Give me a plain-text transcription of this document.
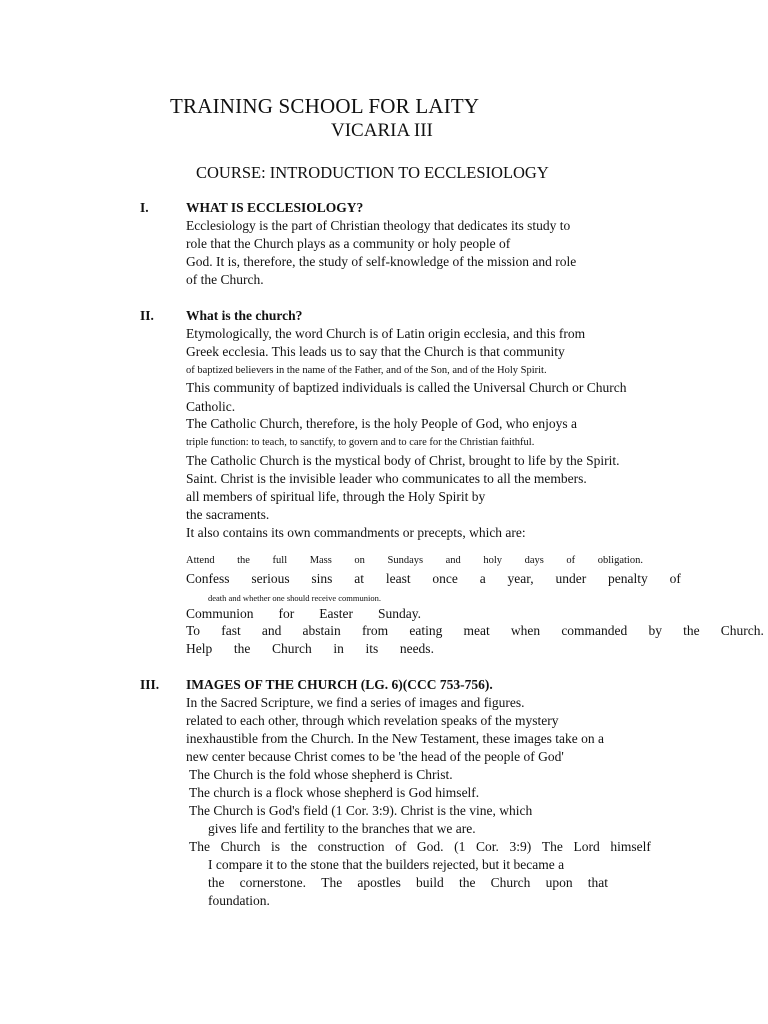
TRAINING SCHOOL FOR LAITY
VICARIA III
COURSE: INTRODUCTION TO ECCLESIOLOGY
I.	WHAT IS ECCLESIOLOGY?
Ecclesiology is the part of Christian theology that dedicates its study to
role that the Church plays as a community or holy people of
God. It is, therefore, the study of self-knowledge of the mission and role
of the Church.
II. What is the church?
Etymologically, the word Church is of Latin origin ecclesia, and this from
Greek ecclesia. This leads us to say that the Church is that community
of baptized believers in the name of the Father, and of the Son, and of the Holy Spirit.
This community of baptized individuals is called the Universal Church or Church
Catholic.
The Catholic Church, therefore, is the holy People of God, who enjoys a
triple function: to teach, to sanctify, to govern and to care for the Christian faithful.
The Catholic Church is the mystical body of Christ, brought to life by the Spirit.
Saint. Christ is the invisible leader who communicates to all the members.
all members of spiritual life, through the Holy Spirit by
the sacraments.
It also contains its own commandments or precepts, which are:
Attend the full Mass on Sundays and holy days of obligation.
Confess serious sins at least once a year, under penalty of
death and whether one should receive communion.
Communion for Easter Sunday.
To fast and abstain from eating meat when commanded by the Church.
Help the Church in its needs.
III. IMAGES OF THE CHURCH (LG. 6)(CCC 753-756).
In the Sacred Scripture, we find a series of images and figures.
related to each other, through which revelation speaks of the mystery
inexhaustible from the Church. In the New Testament, these images take on a
new center because Christ comes to be 'the head of the people of God'
The Church is the fold whose shepherd is Christ.
The church is a flock whose shepherd is God himself.
The Church is God's field (1 Cor. 3:9). Christ is the vine, which
gives life and fertility to the branches that we are.
The Church is the construction of God. (1 Cor. 3:9) The Lord himself
I compare it to the stone that the builders rejected, but it became a
the cornerstone. The apostles build the Church upon that
foundation.
